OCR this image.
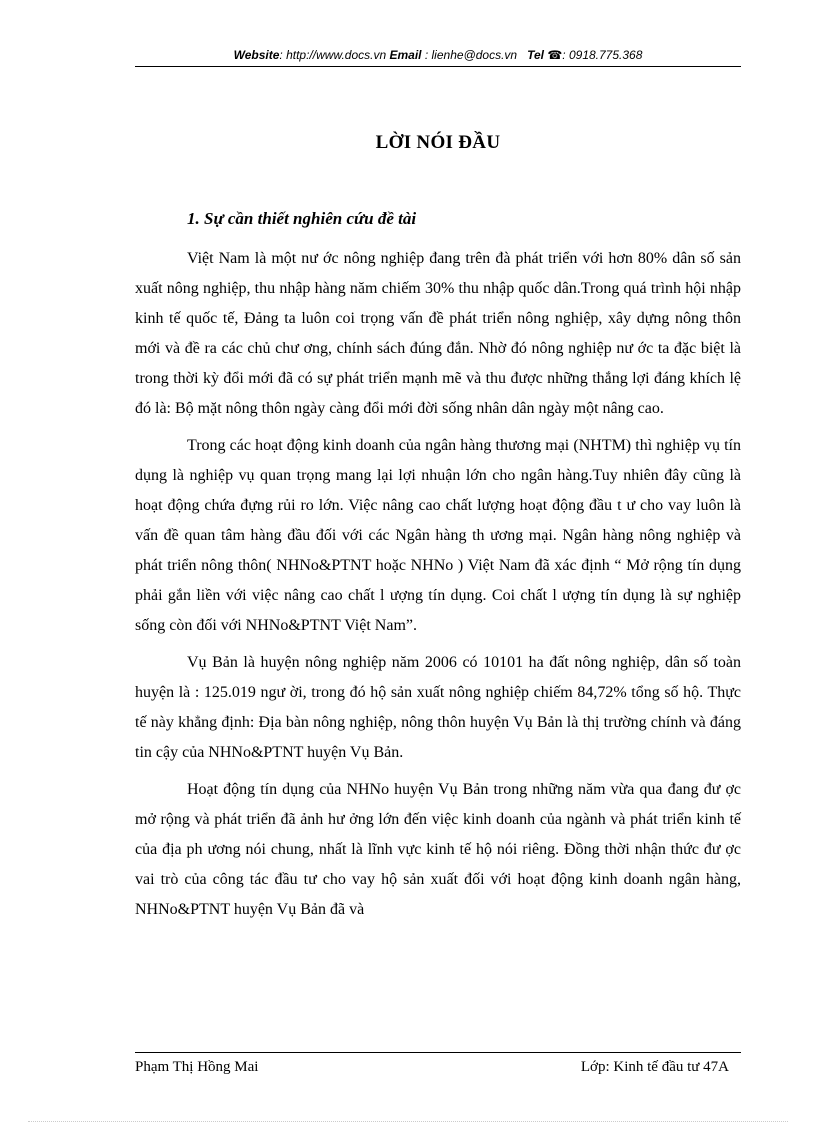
Website: http://www.docs.vn Email : lienhe@docs.vn Tel ☎: 0918.775.368
LỜI NÓI ĐẦU
1. Sự cần thiết nghiên cứu đề tài

Việt Nam là một nư ớc nông nghiệp đang trên đà phát triển với hơn 80% dân số sản xuất nông nghiệp, thu nhập hàng năm chiếm 30% thu nhập quốc dân.Trong quá trình hội nhập kinh tế quốc tế, Đảng ta luôn coi trọng vấn đề phát triển nông nghiệp, xây dựng nông thôn mới và đề ra các chủ chư ơng, chính sách đúng đắn. Nhờ đó nông nghiệp nư ớc ta đặc biệt là trong thời kỳ đổi mới đã có sự phát triển mạnh mẽ và thu được những thắng lợi đáng khích lệ đó là: Bộ mặt nông thôn ngày càng đổi mới đời sống nhân dân ngày một nâng cao.

Trong các hoạt động kinh doanh của ngân hàng thương mại (NHTM) thì nghiệp vụ tín dụng là nghiệp vụ quan trọng mang lại lợi nhuận lớn cho ngân hàng.Tuy nhiên đây cũng là hoạt động chứa đựng rủi ro lớn. Việc nâng cao chất lượng hoạt động đầu t ư cho vay luôn là vấn đề quan tâm hàng đầu đối với các Ngân hàng th ương mại. Ngân hàng nông nghiệp và phát triển nông thôn( NHNo&PTNT hoặc NHNo ) Việt Nam đã xác định “ Mở rộng tín dụng phải gắn liền với việc nâng cao chất l ượng tín dụng. Coi chất l ượng tín dụng là sự nghiệp sống còn đối với NHNo&PTNT Việt Nam”.

Vụ Bản là huyện nông nghiệp năm 2006 có 10101 ha đất nông nghiệp, dân số toàn huyện là : 125.019 ngư ời, trong đó hộ sản xuất nông nghiệp chiếm 84,72% tổng số hộ. Thực tế này khẳng định: Địa bàn nông nghiệp, nông thôn huyện Vụ Bản là thị trường chính và đáng tin cậy của NHNo&PTNT huyện Vụ Bản.

Hoạt động tín dụng của NHNo huyện Vụ Bản trong những năm vừa qua đang đư ợc mở rộng và phát triển đã ảnh hư ởng lớn đến việc kinh doanh của ngành và phát triển kinh tế của địa ph ương nói chung, nhất là lĩnh vực kinh tế hộ nói riêng. Đồng thời nhận thức đư ợc vai trò của công tác đầu tư cho vay hộ sản xuất đối với hoạt động kinh doanh ngân hàng, NHNo&PTNT huyện Vụ Bản đã và

Phạm Thị Hồng Mai	Lớp: Kinh tế đầu tư 47A
